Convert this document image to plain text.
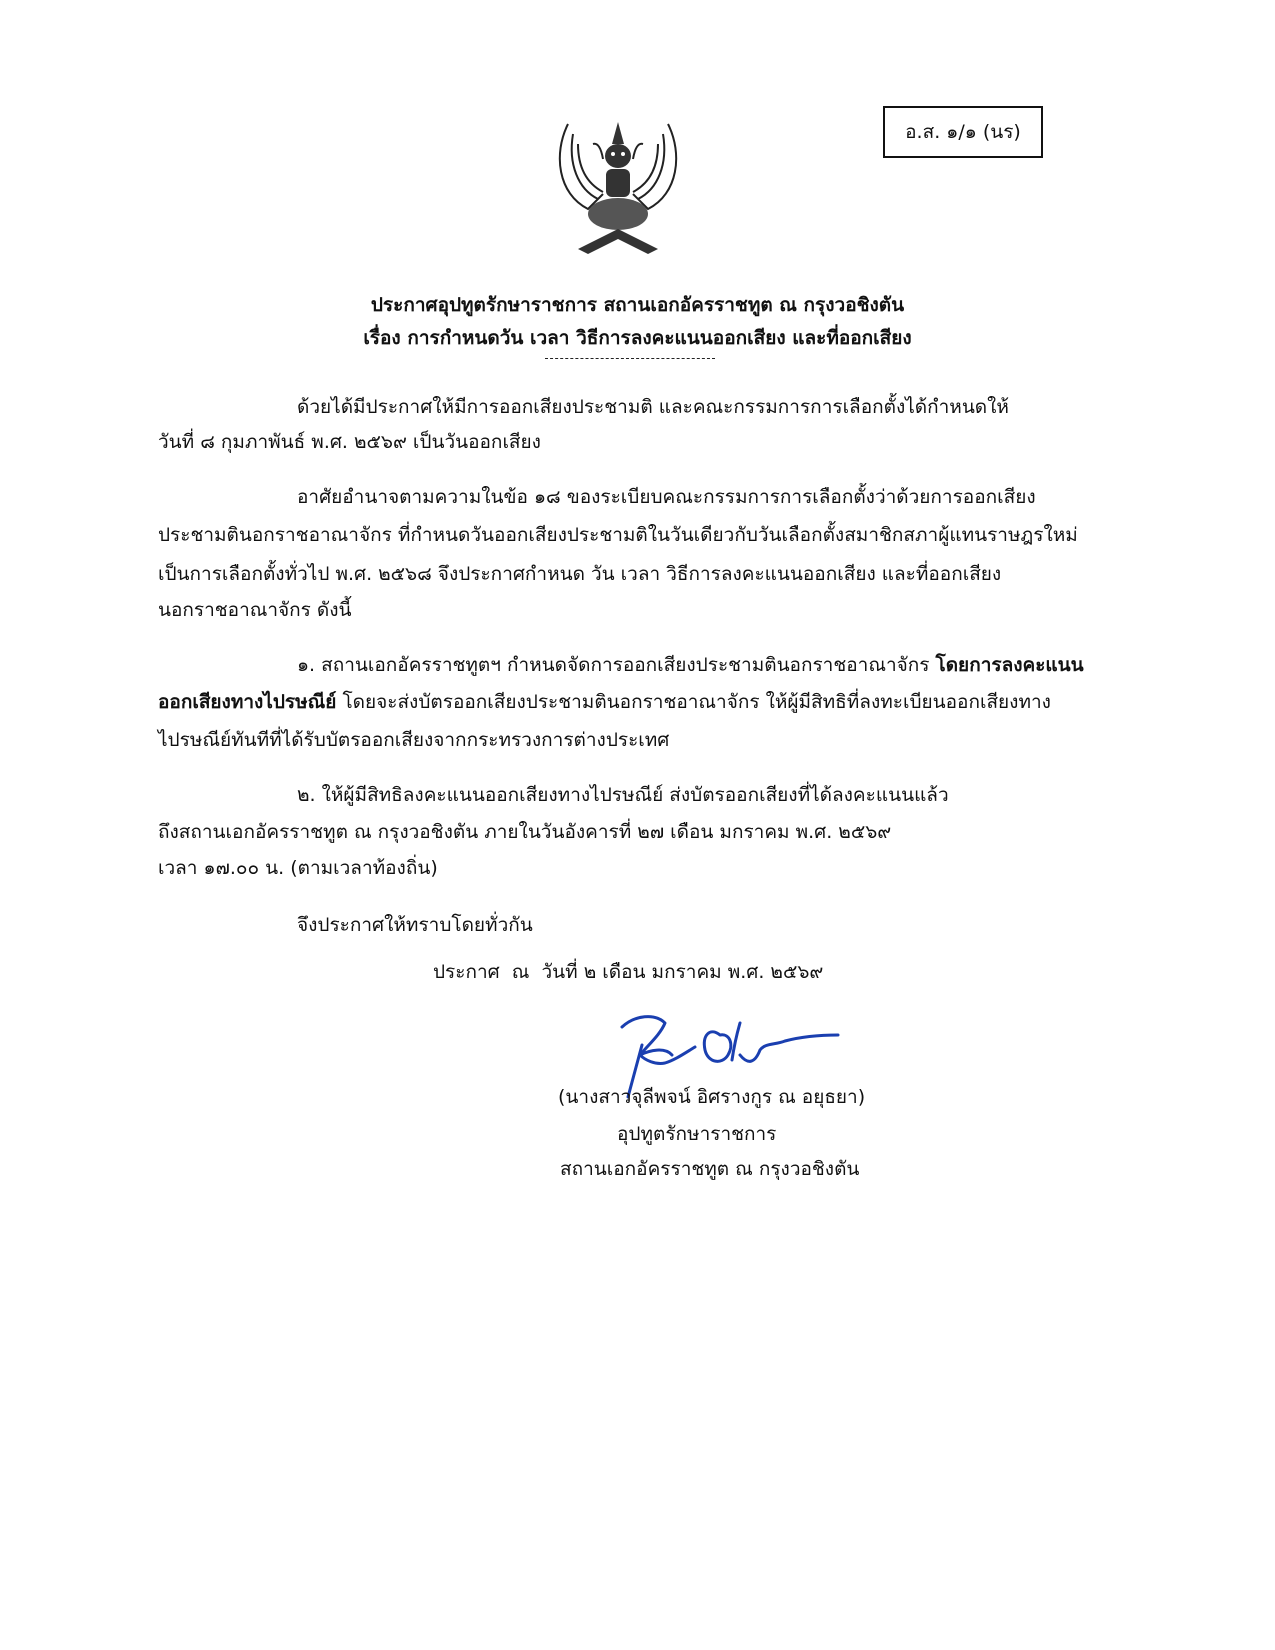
อ.ส. ๑/๑ (นร)
ประกาศอุปทูตรักษาราชการ สถานเอกอัครราชทูต ณ กรุงวอชิงตัน
เรื่อง การกำหนดวัน เวลา วิธีการลงคะแนนออกเสียง และที่ออกเสียง
ด้วยได้มีประกาศให้มีการออกเสียงประชามติ และคณะกรรมการการเลือกตั้งได้กำหนดให้
วันที่ ๘ กุมภาพันธ์ พ.ศ. ๒๕๖๙ เป็นวันออกเสียง
อาศัยอำนาจตามความในข้อ ๑๘ ของระเบียบคณะกรรมการการเลือกตั้งว่าด้วยการออกเสียง
ประชามตินอกราชอาณาจักร ที่กำหนดวันออกเสียงประชามติในวันเดียวกับวันเลือกตั้งสมาชิกสภาผู้แทนราษฎรใหม่
เป็นการเลือกตั้งทั่วไป พ.ศ. ๒๕๖๘ จึงประกาศกำหนด วัน เวลา วิธีการลงคะแนนออกเสียง และที่ออกเสียง
นอกราชอาณาจักร ดังนี้
๑. สถานเอกอัครราชทูตฯ กำหนดจัดการออกเสียงประชามตินอกราชอาณาจักร โดยการลงคะแนน
ออกเสียงทางไปรษณีย์ โดยจะส่งบัตรออกเสียงประชามตินอกราชอาณาจักร ให้ผู้มีสิทธิที่ลงทะเบียนออกเสียงทาง
ไปรษณีย์ทันทีที่ได้รับบัตรออกเสียงจากกระทรวงการต่างประเทศ
๒. ให้ผู้มีสิทธิลงคะแนนออกเสียงทางไปรษณีย์ ส่งบัตรออกเสียงที่ได้ลงคะแนนแล้ว
ถึงสถานเอกอัครราชทูต ณ กรุงวอชิงตัน ภายในวันอังคารที่ ๒๗ เดือน มกราคม พ.ศ. ๒๕๖๙
เวลา ๑๗.๐๐ น. (ตามเวลาท้องถิ่น)
จึงประกาศให้ทราบโดยทั่วกัน
ประกาศ  ณ  วันที่ ๒ เดือน มกราคม พ.ศ. ๒๕๖๙
(นางสาวจุลีพจน์ อิศรางกูร ณ อยุธยา)
อุปทูตรักษาราชการ
สถานเอกอัครราชทูต ณ กรุงวอชิงตัน
